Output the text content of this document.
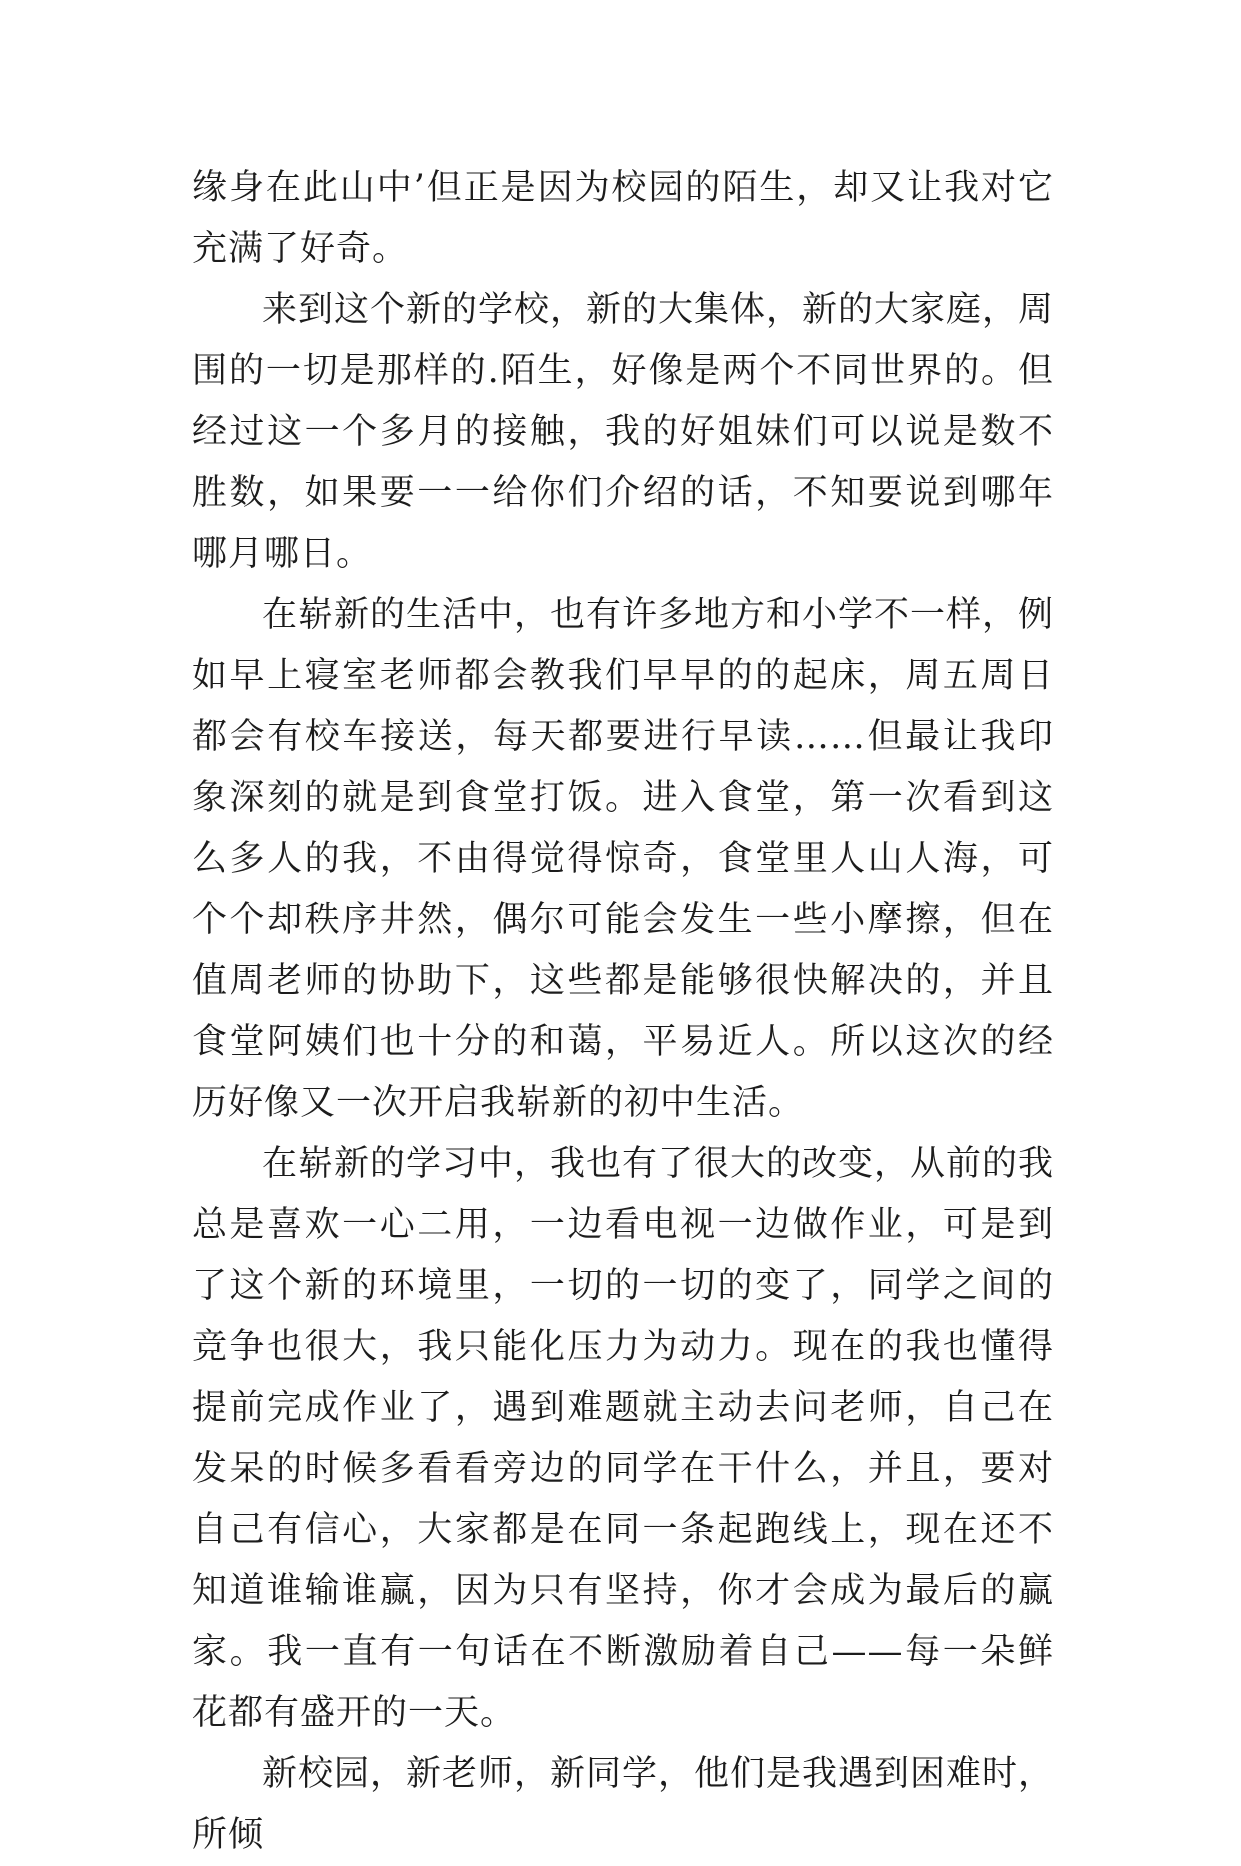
缘身在此山中’但正是因为校园的陌生，却又让我对它充满了好奇。

来到这个新的学校，新的大集体，新的大家庭，周围的一切是那样的.陌生，好像是两个不同世界的。但经过这一个多月的接触，我的好姐妹们可以说是数不胜数，如果要一一给你们介绍的话，不知要说到哪年哪月哪日。

在崭新的生活中，也有许多地方和小学不一样，例如早上寝室老师都会教我们早早的的起床，周五周日都会有校车接送，每天都要进行早读……但最让我印象深刻的就是到食堂打饭。进入食堂，第一次看到这么多人的我，不由得觉得惊奇，食堂里人山人海，可个个却秩序井然，偶尔可能会发生一些小摩擦，但在值周老师的协助下，这些都是能够很快解决的，并且食堂阿姨们也十分的和蔼，平易近人。所以这次的经历好像又一次开启我崭新的初中生活。

在崭新的学习中，我也有了很大的改变，从前的我总是喜欢一心二用，一边看电视一边做作业，可是到了这个新的环境里，一切的一切的变了，同学之间的竞争也很大，我只能化压力为动力。现在的我也懂得提前完成作业了，遇到难题就主动去问老师，自己在发呆的时候多看看旁边的同学在干什么，并且，要对自己有信心，大家都是在同一条起跑线上，现在还不知道谁输谁赢，因为只有坚持，你才会成为最后的赢家。我一直有一句话在不断激励着自己——每一朵鲜花都有盛开的一天。

新校园，新老师，新同学，他们是我遇到困难时，所倾
